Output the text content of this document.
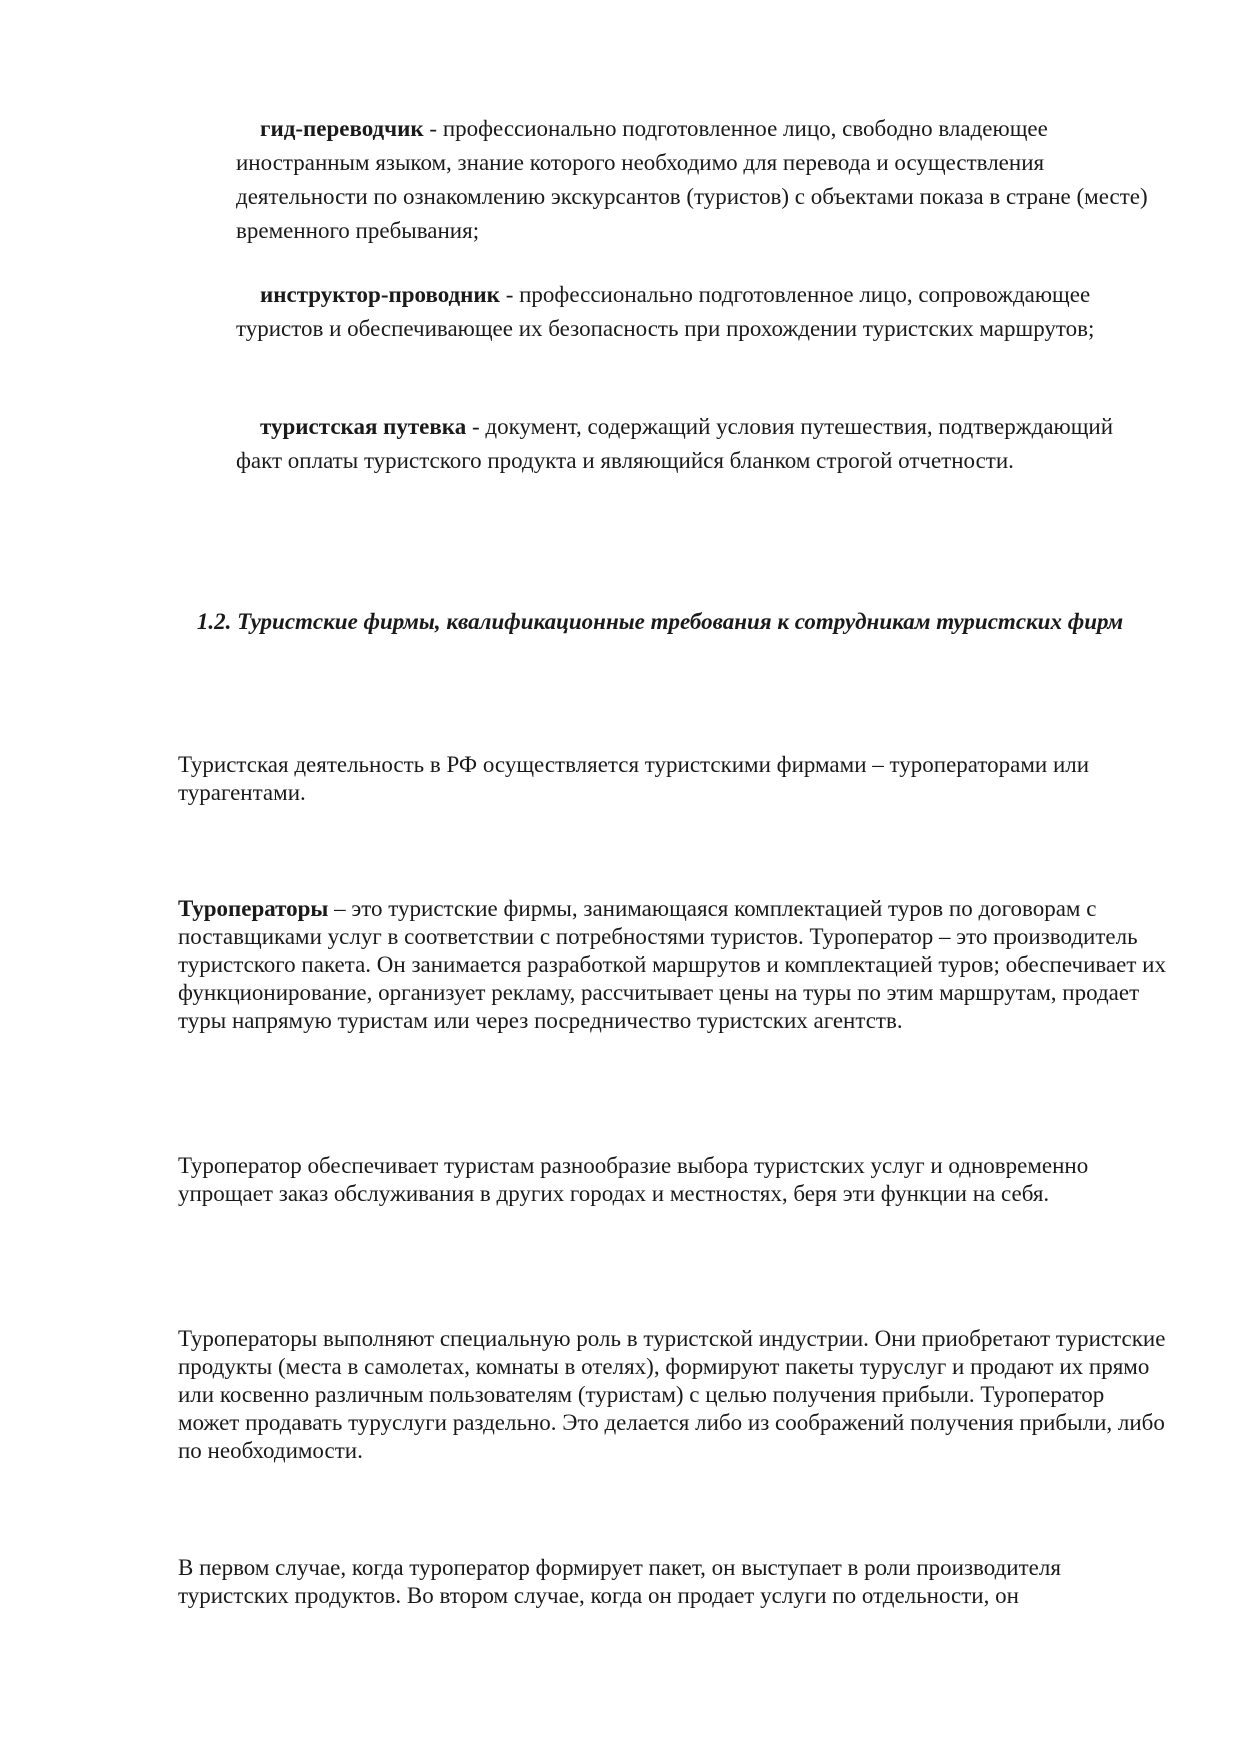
гид-переводчик - профессионально подготовленное лицо, свободно владеющее иностранным языком, знание которого необходимо для перевода и осуществления деятельности по ознакомлению экскурсантов (туристов) с объектами показа в стране (месте) временного пребывания;

инструктор-проводник - профессионально подготовленное лицо, сопровождающее туристов и обеспечивающее их безопасность при прохождении туристских маршрутов;

туристская путевка - документ, содержащий условия путешествия, подтверждающий факт оплаты туристского продукта и являющийся бланком строгой отчетности.

1.2. Туристские фирмы, квалификационные требования к сотрудникам туристских фирм

Туристская деятельность в РФ осуществляется туристскими фирмами – туроператорами или турагентами.

Туроператоры – это туристские фирмы, занимающаяся комплектацией туров по договорам с поставщиками услуг в соответствии с потребностями туристов. Туроператор – это производитель туристского пакета. Он занимается разработкой маршрутов и комплектацией туров; обеспечивает их функционирование, организует рекламу, рассчитывает цены на туры по этим маршрутам, продает туры напрямую туристам или через посредничество туристских агентств.

Туроператор обеспечивает туристам разнообразие выбора туристских услуг и одновременно упрощает заказ обслуживания в других городах и местностях, беря эти функции на себя.

Туроператоры выполняют специальную роль в туристской индустрии. Они приобретают туристские продукты (места в самолетах, комнаты в отелях), формируют пакеты туруслуг и продают их прямо или косвенно различным пользователям (туристам) с целью получения прибыли. Туроператор может продавать туруслуги раздельно. Это делается либо из соображений получения прибыли, либо по необходимости.

В первом случае, когда туроператор формирует пакет, он выступает в роли производителя туристских продуктов. Во втором случае, когда он продает услуги по отдельности, он
